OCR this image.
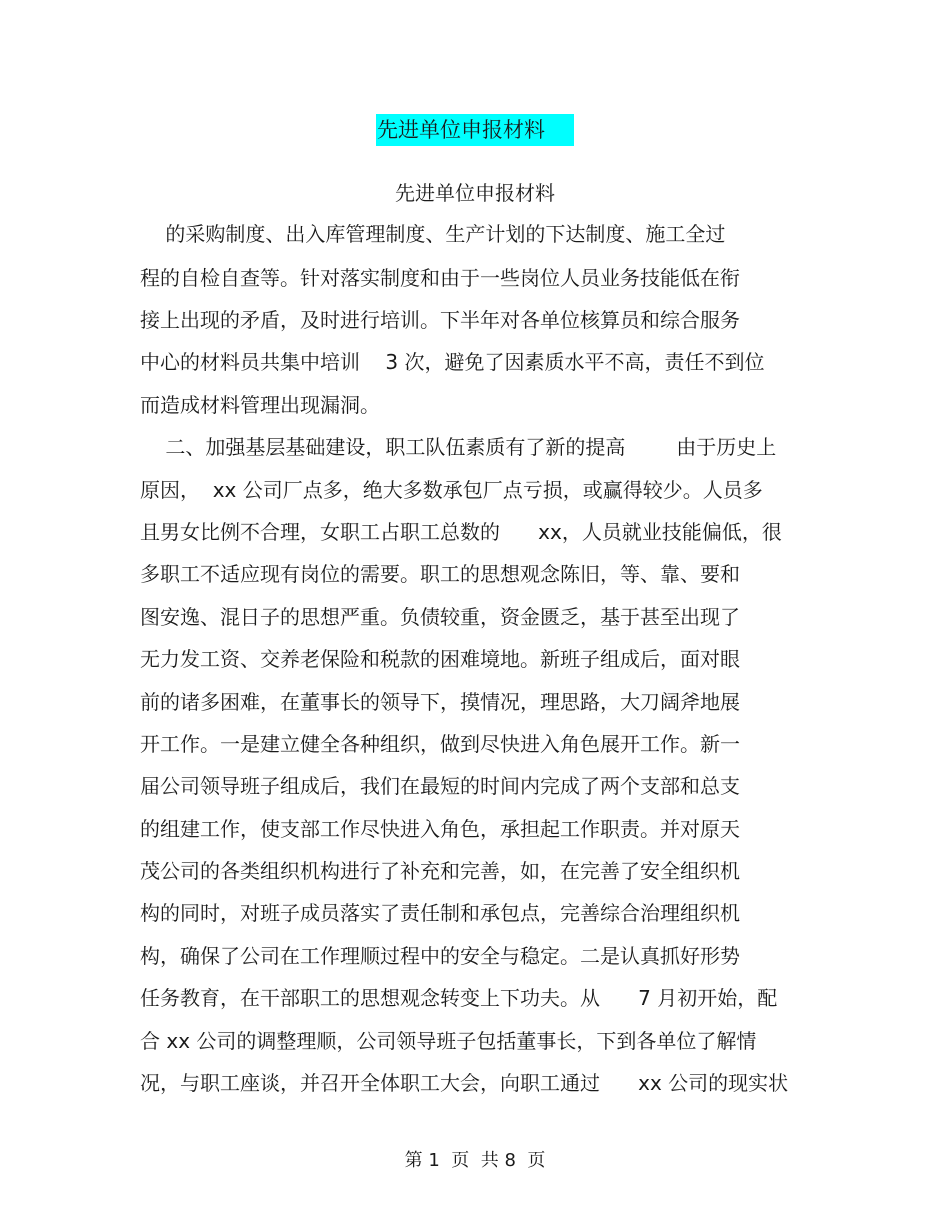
先进单位申报材料
先进单位申报材料
的采购制度、出入库管理制度、生产计划的下达制度、施工全过
程的自检自查等。针对落实制度和由于一些岗位人员业务技能低在衔
接上出现的矛盾，及时进行培训。下半年对各单位核算员和综合服务
中心的材料员共集中培训    3 次，避免了因素质水平不高，责任不到位
而造成材料管理出现漏洞。
二、加强基层基础建设，职工队伍素质有了新的提高        由于历史上
原因，  xx 公司厂点多，绝大多数承包厂点亏损，或赢得较少。人员多
且男女比例不合理，女职工占职工总数的      xx，人员就业技能偏低，很
多职工不适应现有岗位的需要。职工的思想观念陈旧，等、靠、要和
图安逸、混日子的思想严重。负债较重，资金匮乏，基于甚至出现了
无力发工资、交养老保险和税款的困难境地。新班子组成后，面对眼
前的诸多困难，在董事长的领导下，摸情况，理思路，大刀阔斧地展
开工作。一是建立健全各种组织，做到尽快进入角色展开工作。新一
届公司领导班子组成后，我们在最短的时间内完成了两个支部和总支
的组建工作，使支部工作尽快进入角色，承担起工作职责。并对原天
茂公司的各类组织机构进行了补充和完善，如，在完善了安全组织机
构的同时，对班子成员落实了责任制和承包点，完善综合治理组织机
构，确保了公司在工作理顺过程中的安全与稳定。二是认真抓好形势
任务教育，在干部职工的思想观念转变上下功夫。从      7 月初开始，配
合 xx 公司的调整理顺，公司领导班子包括董事长，下到各单位了解情
况，与职工座谈，并召开全体职工大会，向职工通过      xx 公司的现实状
第 1  页  共 8  页
